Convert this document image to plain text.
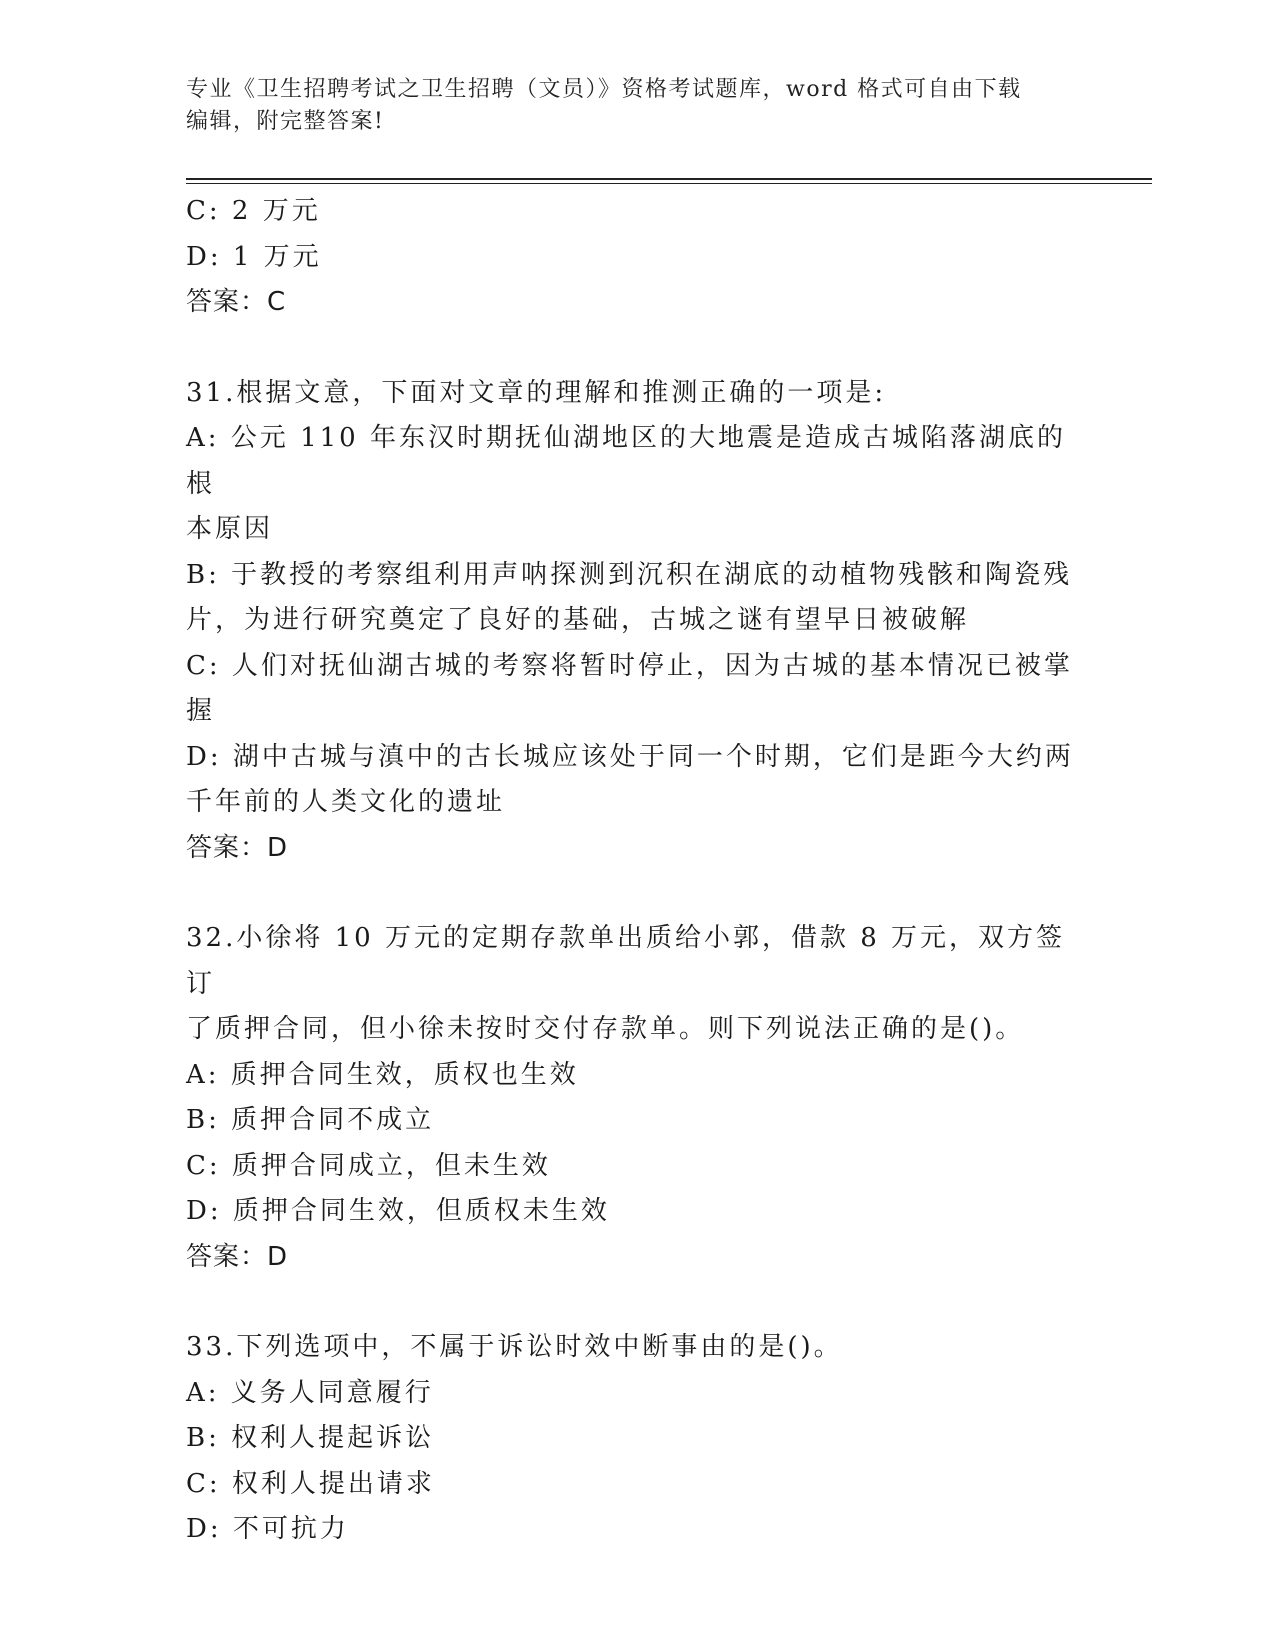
专业《卫生招聘考试之卫生招聘（文员）》资格考试题库，word 格式可自由下载
编辑，附完整答案!
C: 2 万元
D: 1 万元
答案：C
31.根据文意，下面对文章的理解和推测正确的一项是:
A: 公元 110 年东汉时期抚仙湖地区的大地震是造成古城陷落湖底的根
本原因
B: 于教授的考察组利用声呐探测到沉积在湖底的动植物残骸和陶瓷残
片，为进行研究奠定了良好的基础，古城之谜有望早日被破解
C: 人们对抚仙湖古城的考察将暂时停止，因为古城的基本情况已被掌
握
D: 湖中古城与滇中的古长城应该处于同一个时期，它们是距今大约两
千年前的人类文化的遗址
答案：D
32.小徐将 10 万元的定期存款单出质给小郭，借款 8 万元，双方签订
了质押合同，但小徐未按时交付存款单。则下列说法正确的是()。
A: 质押合同生效，质权也生效
B: 质押合同不成立
C: 质押合同成立，但未生效
D: 质押合同生效，但质权未生效
答案：D
33.下列选项中，不属于诉讼时效中断事由的是()。
A: 义务人同意履行
B: 权利人提起诉讼
C: 权利人提出请求
D: 不可抗力
